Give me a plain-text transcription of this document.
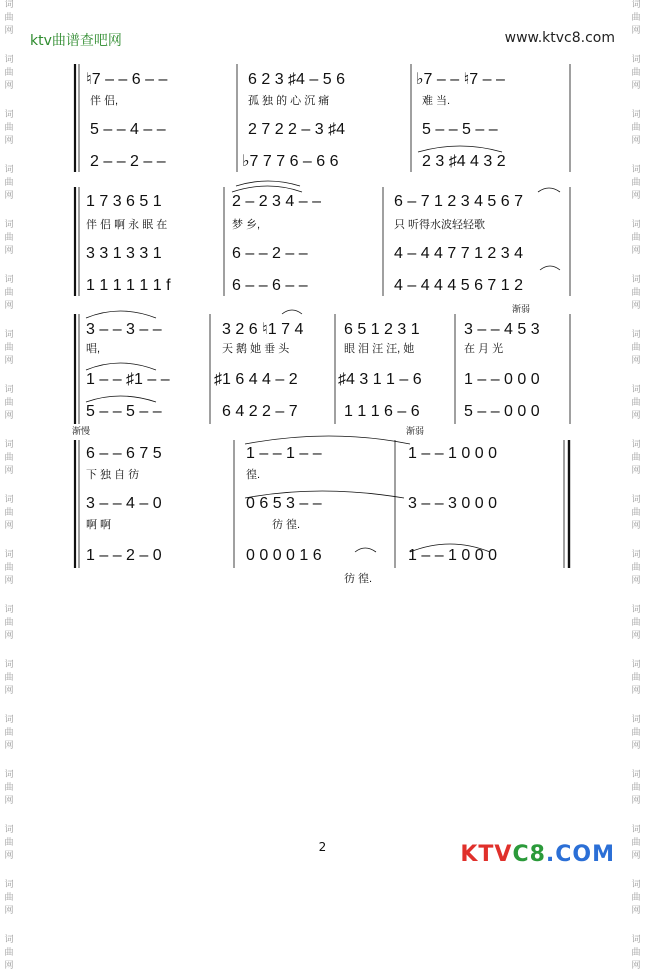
词
曲
网
词
曲
网
词
曲
网
词
曲
网
词
曲
网
词
曲
网
词
曲
网
词
曲
网
词
曲
网
词
曲
网
词
曲
网
词
曲
网
词
曲
网
词
曲
网
词
曲
网
词
曲
网
词
曲
网
词
曲
网
词
曲
网
词
曲
网
词
曲
网
词
曲
网
词
曲
网
词
曲
网
词
曲
网
词
曲
网
词
曲
网
词
曲
网
词
曲
网
词
曲
网
词
曲
网
词
曲
网
词
曲
网
词
曲
网
词
曲
网
词
曲
网
ktv曲谱查吧网	www.ktvc8.com
♮7 – – 6 – –	6 2 3 ♯4 – 5 6	♭7 – – ♮7 – –
伴 侣,	孤 独 的 心 沉 痛	难 当.
5 – – 4 – –	2 7 2 2 – 3 ♯4	5 – – 5 – –
2 – – 2 – –	♭7 7 7 6 – 6 6	2 3 ♯4 4 3 2
1 7 3 6 5 1	2 – 2 3 4 – –	6 – 7 1 2 3 4 5 6 7
伴 侣 啊 永 眠 在	梦 乡,	只 听得水波轻轻歌
3 3 1 3 3 1	6 – – 2 – –	4 – 4 4 7 7 1 2 3 4
1 1 1 1 1 1 f	6 – – 6 – –	4 – 4 4 4 5 6 7 1 2
渐弱
3 – – 3 – –	3 2 6 ♮1 7 4	6 5 1 2 3 1	3 – – 4 5 3
唱,	天 鹅 她 垂 头	眼 泪 汪 汪, 她	在 月 光
1 – – ♯1 – –	♯1 6 4 4 – 2	♯4 3 1 1 – 6	1 – – 0 0 0
5 – – 5 – –	6 4 2 2 – 7	1 1 1 6 – 6	5 – – 0 0 0
渐慢	渐弱
6 – – 6 7 5	1 – – 1 – –	1 – – 1 0 0 0
下 独 自 彷	徨.
3 – – 4 – 0	0 6 5 3 – –	3 – – 3 0 0 0
啊 啊	彷 徨.
1 – – 2 – 0	0 0 0 0 1 6	1 – – 1 0 0 0
彷 徨.
2	KTVC8.COM
